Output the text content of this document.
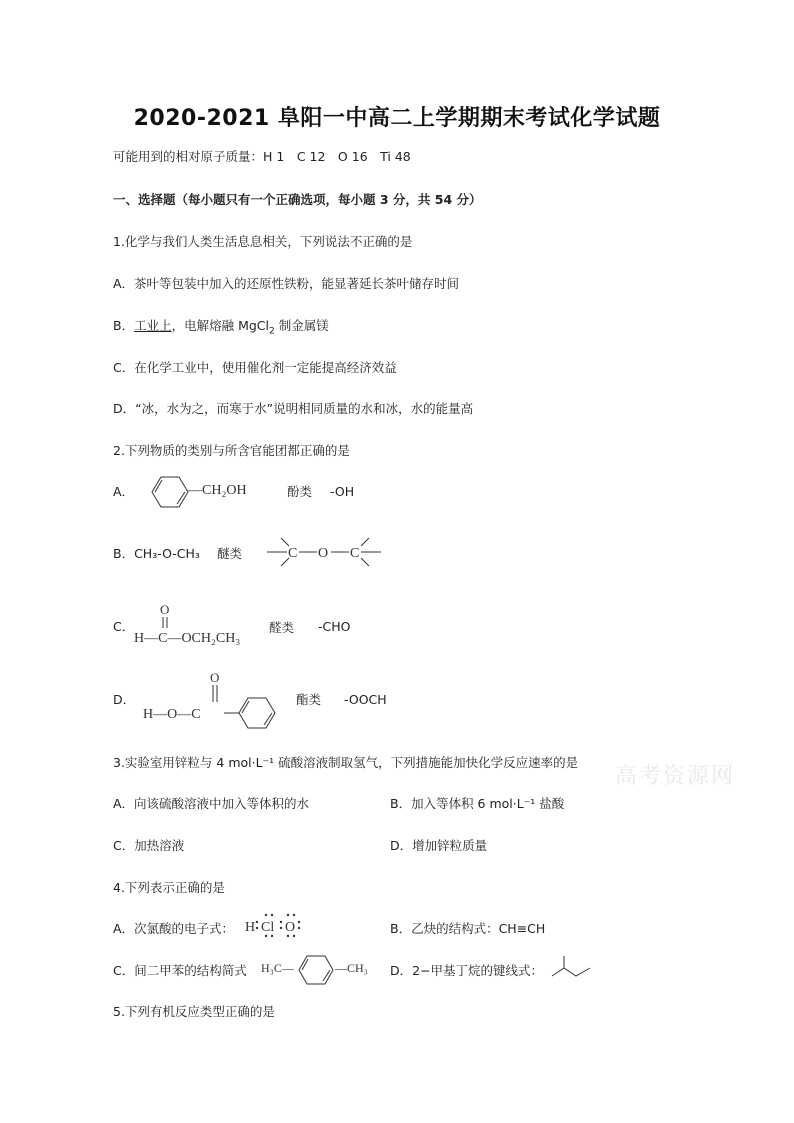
2020-2021 阜阳一中高二上学期期末考试化学试题
可能用到的相对原子质量：H 1　C 12　O 16　Ti 48
一、选择题（每小题只有一个正确选项，每小题 3 分，共 54 分）
1.化学与我们人类生活息息相关，下列说法不正确的是
A．茶叶等包装中加入的还原性铁粉，能显著延长茶叶储存时间
B．工业上，电解熔融 MgCl$_2$ 制金属镁
C．在化学工业中，使用催化剂一定能提高经济效益
D．“冰，水为之，而寒于水”说明相同质量的水和冰，水的能量高
2.下列物质的类别与所含官能团都正确的是
A．	—CH₂OH	酚类 -OH
B．CH₃-O-CH₃ 醚类	C O C
C．
O
H—C—OCH₂CH₃
醛类 -CHO
D．
O
H—O—C
酯类 -OOCH
高考资源网
3.实验室用锌粒与 4 mol·L⁻¹ 硫酸溶液制取氢气，下列措施能加快化学反应速率的是
A．向该硫酸溶液中加入等体积的水	B．加入等体积 6 mol·L⁻¹ 盐酸
C．加热溶液	D．增加锌粒质量
4.下列表示正确的是
A．次氯酸的电子式： H Cl O	B．乙炔的结构式：CH≡CH
C．间二甲苯的结构简式 H₃C—	—CH₃ D．2−甲基丁烷的键线式：
5.下列有机反应类型正确的是
